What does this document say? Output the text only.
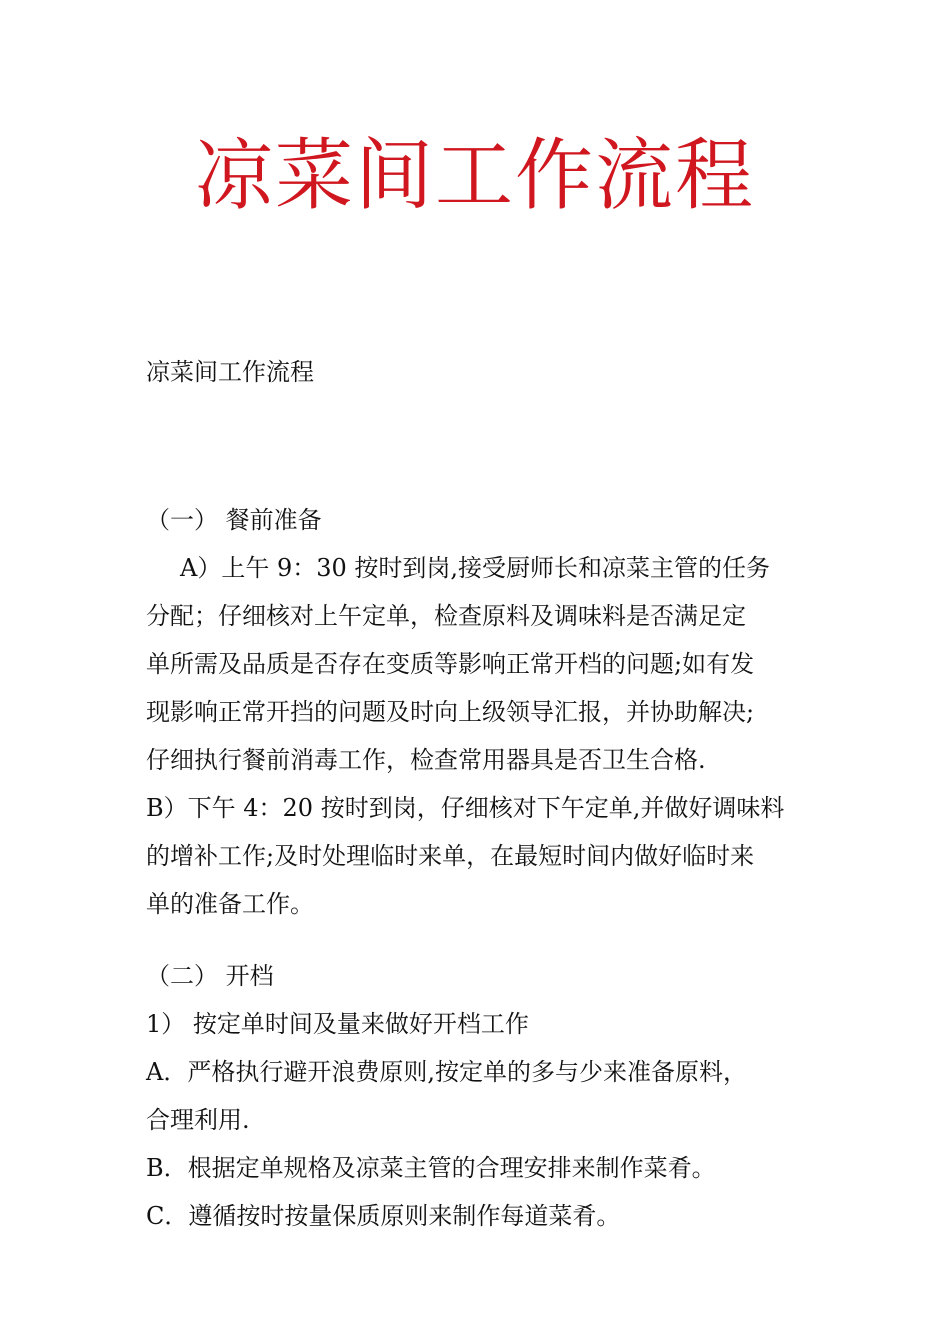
凉菜间工作流程
凉菜间工作流程
（一） 餐前准备
A）上午 9：30 按时到岗,接受厨师长和凉菜主管的任务
分配；仔细核对上午定单，检查原料及调味料是否满足定
单所需及品质是否存在变质等影响正常开档的问题;如有发
现影响正常开挡的问题及时向上级领导汇报，并协助解决;
仔细执行餐前消毒工作，检查常用器具是否卫生合格.
B）下午 4：20 按时到岗，仔细核对下午定单,并做好调味料
的增补工作;及时处理临时来单，在最短时间内做好临时来
单的准备工作。
（二） 开档
1） 按定单时间及量来做好开档工作
A．严格执行避开浪费原则,按定单的多与少来准备原料，
合理利用.
B．根据定单规格及凉菜主管的合理安排来制作菜肴。
C．遵循按时按量保质原则来制作每道菜肴。
